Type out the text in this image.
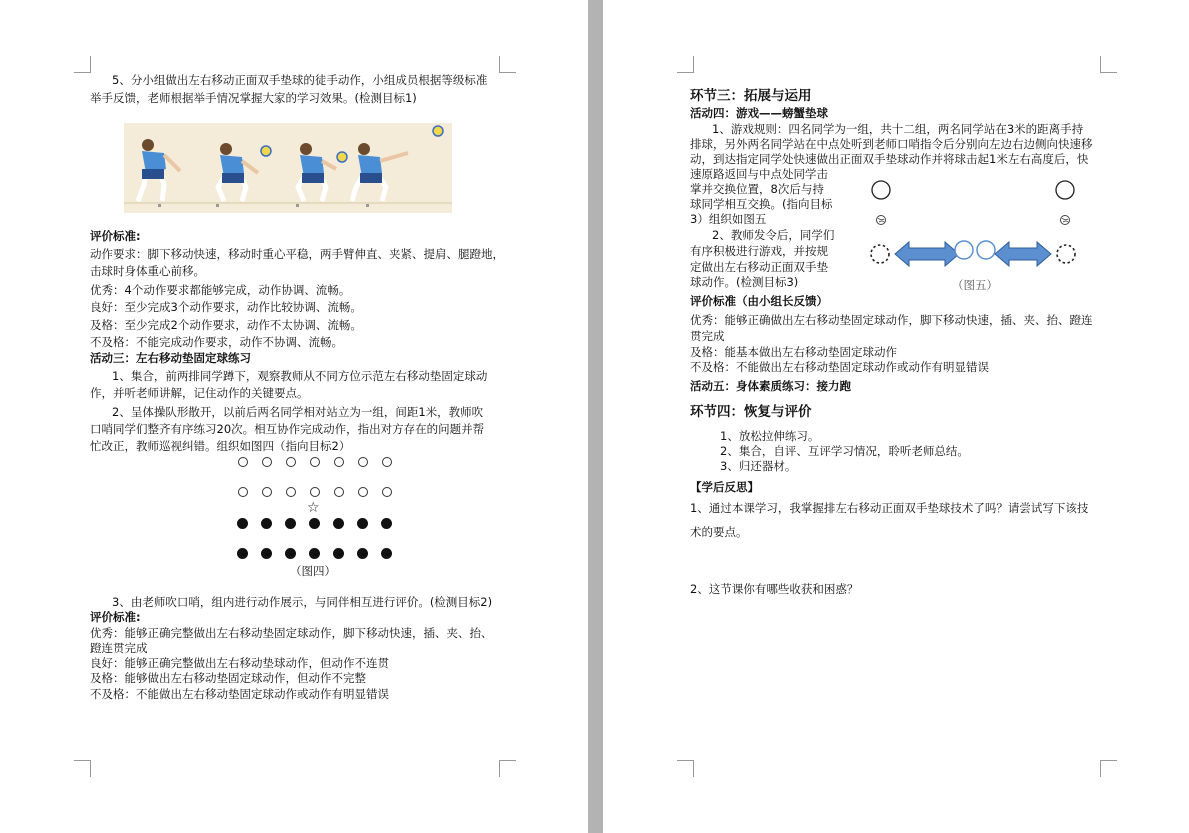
5、分小组做出左右移动正面双手垫球的徒手动作，小组成员根据等级标准

举手反馈，老师根据举手情况掌握大家的学习效果。(检测目标1)

评价标准:

动作要求：脚下移动快速，移动时重心平稳，两手臂伸直、夹紧、提肩、腿蹬地，

击球时身体重心前移。

优秀：4个动作要求都能够完成，动作协调、流畅。

良好：至少完成3个动作要求，动作比较协调、流畅。

及格：至少完成2个动作要求，动作不太协调、流畅。

不及格：不能完成动作要求，动作不协调、流畅。

活动三：左右移动垫固定球练习

1、集合，前两排同学蹲下，观察教师从不同方位示范左右移动垫固定球动

作，并听老师讲解，记住动作的关键要点。

2、呈体操队形散开，以前后两名同学相对站立为一组，间距1米，教师吹

口哨同学们整齐有序练习20次。相互协作完成动作，指出对方存在的问题并帮

忙改正，教师巡视纠错。组织如图四（指向目标2）

☆
（图四）

3、由老师吹口哨，组内进行动作展示，与同伴相互进行评价。(检测目标2)

评价标准:

优秀：能够正确完整做出左右移动垫固定球动作，脚下移动快速，插、夹、抬、

蹬连贯完成

良好：能够正确完整做出左右移动垫球动作，但动作不连贯

及格：能够做出左右移动垫固定球动作，但动作不完整

不及格：不能做出左右移动垫固定球动作或动作有明显错误

环节三：拓展与运用

活动四：游戏——螃蟹垫球

1、游戏规则：四名同学为一组，共十二组，两名同学站在3米的距离手持

排球，另外两名同学站在中点处听到老师口哨指令后分别向左边右边侧向快速移

动，到达指定同学处快速做出正面双手垫球动作并将球击起1米左右高度后，快

速原路返回与中点处同学击

掌并交换位置，8次后与持

球同学相互交换。(指向目标

3）组织如图五

2、教师发令后，同学们

有序积极进行游戏，并按规

定做出左右移动正面双手垫

球动作。(检测目标3)	（图五）

评价标准（由小组长反馈）

优秀：能够正确做出左右移动垫固定球动作，脚下移动快速，插、夹、抬、蹬连

贯完成

及格：能基本做出左右移动垫固定球动作

不及格：不能做出左右移动垫固定球动作或动作有明显错误

活动五：身体素质练习：接力跑

环节四：恢复与评价

1、放松拉伸练习。

2、集合，自评、互评学习情况，聆听老师总结。

3、归还器材。

【学后反思】

1、通过本课学习，我掌握排左右移动正面双手垫球技术了吗？请尝试写下该技

术的要点。

2、这节课你有哪些收获和困惑？
